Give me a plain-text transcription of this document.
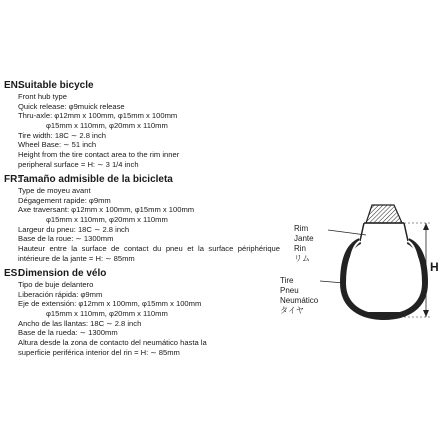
EN:Suitable bicycle
Front hub type
Quick release: φ9muick release
Thru-axle: φ12mm x 100mm, φ15mm x 100mm
φ15mm x 110mm, φ20mm x 110mm
Tire width: 18C ∼ 2.8 inch
Wheel Base: ∼ 51 inch
Height from the tire contact area to the rim inner
peripheral surface = H: ∼ 3 1/4 inch
FR:Tamaño admisible de la bicicleta
Type de moyeu avant
Dégagement rapide: φ9mm
Axe traversant: φ12mm x 100mm, φ15mm x 100mm
φ15mm x 110mm, φ20mm x 110mm
Largeur du pneu: 18C ∼ 2.8 inch
Base de la roue: ∼ 1300mm
Hauteur entre la surface de contact du pneu et la surface périphérique intérieure de la jante = H: ∼ 85mm
ES:Dimension de vélo
Tipo de buje delantero
Liberación rápida: φ9mm
Eje de extensión: φ12mm x 100mm, φ15mm x 100mm
φ15mm x 110mm, φ20mm x 110mm
Ancho de las llantas: 18C ∼ 2.8 inch
Base de la rueda: ∼ 1300mm
Altura desde la zona de contacto del neumático hasta la
superficie periférica interior del rin = H: ∼ 85mm
Rim
Jante
Rin
リム
Tire
Pneu
Neumático
タイヤ
H
